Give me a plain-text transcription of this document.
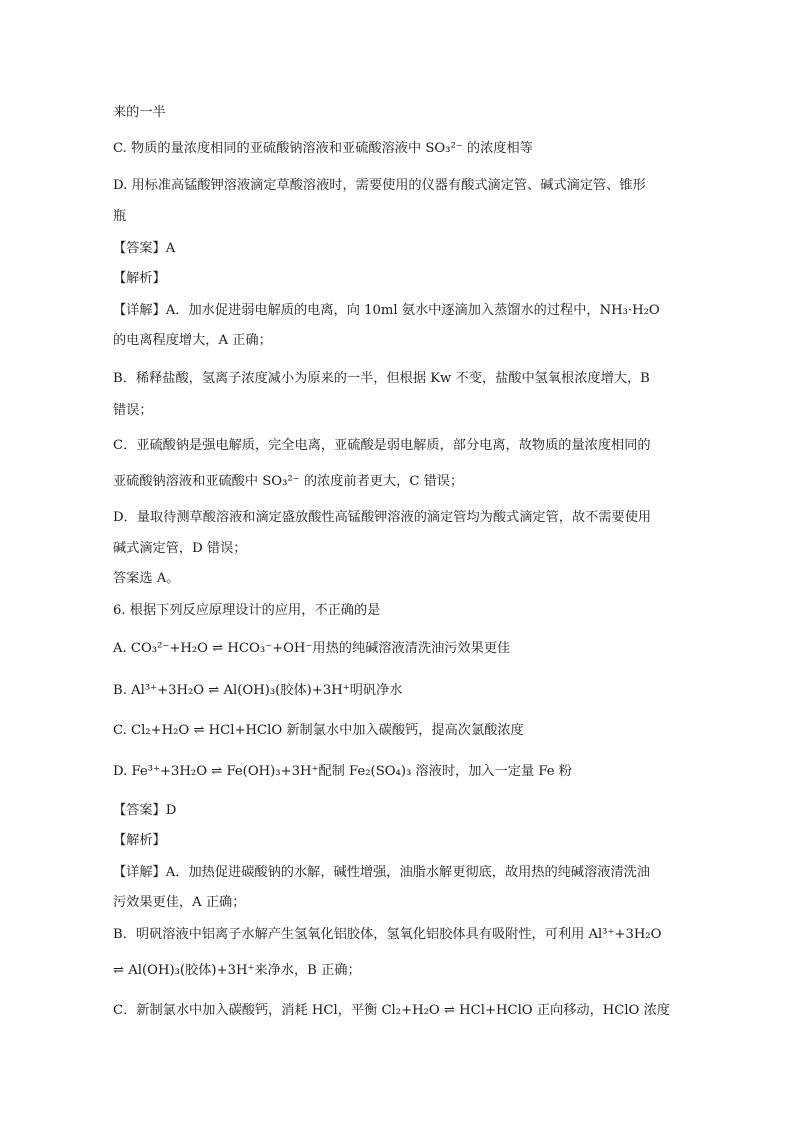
来的一半
C. 物质的量浓度相同的亚硫酸钠溶液和亚硫酸溶液中 SO₃²⁻ 的浓度相等
D. 用标准高锰酸钾溶液滴定草酸溶液时，需要使用的仪器有酸式滴定管、碱式滴定管、锥形
瓶
【答案】A
【解析】
【详解】A．加水促进弱电解质的电离，向 10ml 氨水中逐滴加入蒸馏水的过程中，NH₃·H₂O
的电离程度增大，A 正确；
B．稀释盐酸，氢离子浓度减小为原来的一半，但根据 Kw 不变，盐酸中氢氧根浓度增大，B
错误；
C．亚硫酸钠是强电解质，完全电离，亚硫酸是弱电解质，部分电离，故物质的量浓度相同的
亚硫酸钠溶液和亚硫酸中 SO₃²⁻ 的浓度前者更大，C 错误；
D．量取待测草酸溶液和滴定盛放酸性高锰酸钾溶液的滴定管均为酸式滴定管，故不需要使用
碱式滴定管，D 错误；
答案选 A。
6. 根据下列反应原理设计的应用，不正确的是
A. CO₃²⁻+H₂O ⇌ HCO₃⁻+OH⁻用热的纯碱溶液清洗油污效果更佳
B. Al³⁺+3H₂O ⇌ Al(OH)₃(胶体)+3H⁺明矾净水
C. Cl₂+H₂O ⇌ HCl+HClO 新制氯水中加入碳酸钙，提高次氯酸浓度
D. Fe³⁺+3H₂O ⇌ Fe(OH)₃+3H⁺配制 Fe₂(SO₄)₃ 溶液时，加入一定量 Fe 粉
【答案】D
【解析】
【详解】A．加热促进碳酸钠的水解，碱性增强，油脂水解更彻底，故用热的纯碱溶液清洗油
污效果更佳，A 正确；
B．明矾溶液中铝离子水解产生氢氧化铝胶体，氢氧化铝胶体具有吸附性，可利用 Al³⁺+3H₂O
⇌ Al(OH)₃(胶体)+3H⁺来净水，B 正确；
C．新制氯水中加入碳酸钙，消耗 HCl，平衡 Cl₂+H₂O ⇌ HCl+HClO 正向移动，HClO 浓度
